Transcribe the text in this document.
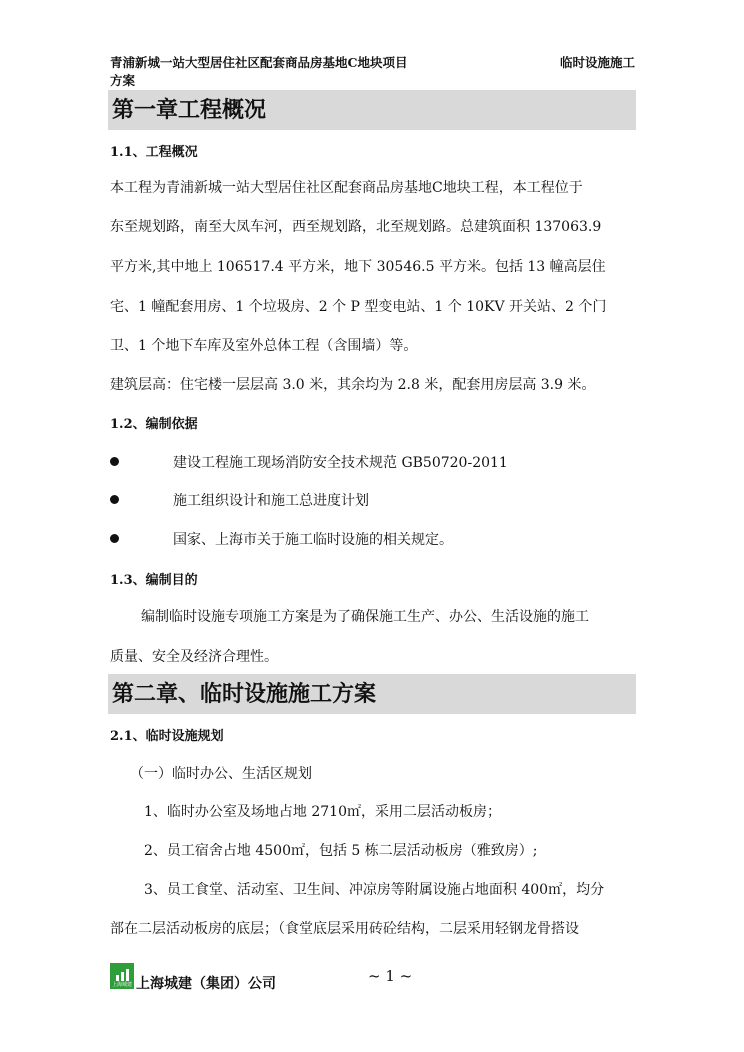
青浦新城一站大型居住社区配套商品房基地C地块项目
方案
临时设施施工
第一章工程概况
1.1、工程概况
本工程为青浦新城一站大型居住社区配套商品房基地C地块工程，本工程位于
东至规划路，南至大凤车河，西至规划路，北至规划路。总建筑面积 137063.9
平方米,其中地上 106517.4 平方米，地下 30546.5 平方米。包括 13 幢高层住
宅、1 幢配套用房、1 个垃圾房、2 个 P 型变电站、1 个 10KV 开关站、2 个门
卫、1 个地下车库及室外总体工程（含围墙）等。
建筑层高：住宅楼一层层高 3.0 米，其余均为 2.8 米，配套用房层高 3.9 米。
1.2、编制依据
建设工程施工现场消防安全技术规范 GB50720-2011
施工组织设计和施工总进度计划
国家、上海市关于施工临时设施的相关规定。
1.3、编制目的
编制临时设施专项施工方案是为了确保施工生产、办公、生活设施的施工
质量、安全及经济合理性。
第二章、临时设施施工方案
2.1、临时设施规划
（一）临时办公、生活区规划
1、临时办公室及场地占地 2710㎡，采用二层活动板房；
2、员工宿舍占地 4500㎡，包括 5 栋二层活动板房（雅致房）;
3、员工食堂、活动室、卫生间、冲凉房等附属设施占地面积 400㎡，均分
部在二层活动板房的底层；（食堂底层采用砖砼结构，二层采用轻钢龙骨搭设
上海城建 上海城建（集团）公司	~ 1 ~
